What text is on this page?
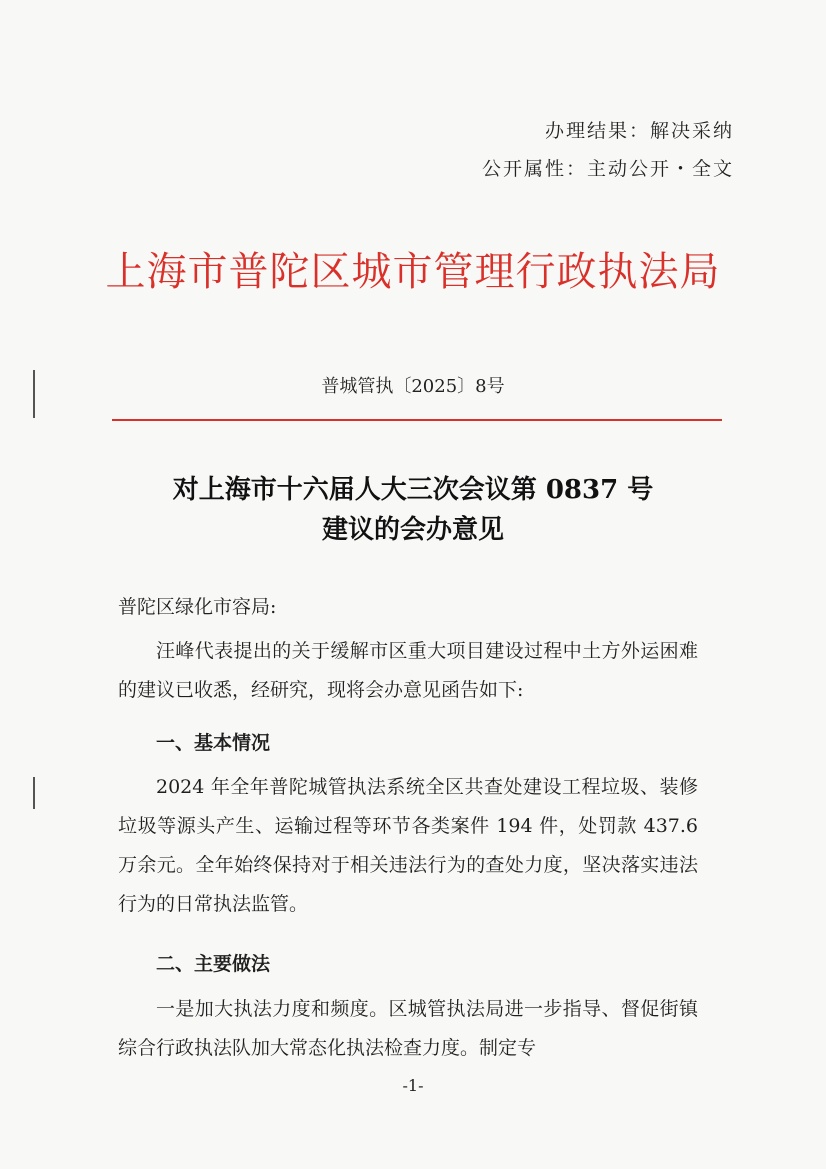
办理结果：解决采纳
公开属性：主动公开・全文
上海市普陀区城市管理行政执法局
普城管执〔2025〕8号
对上海市十六届人大三次会议第 0837 号
建议的会办意见
普陀区绿化市容局:

汪峰代表提出的关于缓解市区重大项目建设过程中土方外运困难的建议已收悉，经研究，现将会办意见函告如下:

一、基本情况

2024 年全年普陀城管执法系统全区共查处建设工程垃圾、装修垃圾等源头产生、运输过程等环节各类案件 194 件，处罚款 437.6 万余元。全年始终保持对于相关违法行为的查处力度，坚决落实违法行为的日常执法监管。

二、主要做法

一是加大执法力度和频度。区城管执法局进一步指导、督促街镇综合行政执法队加大常态化执法检查力度。制定专

-1-
